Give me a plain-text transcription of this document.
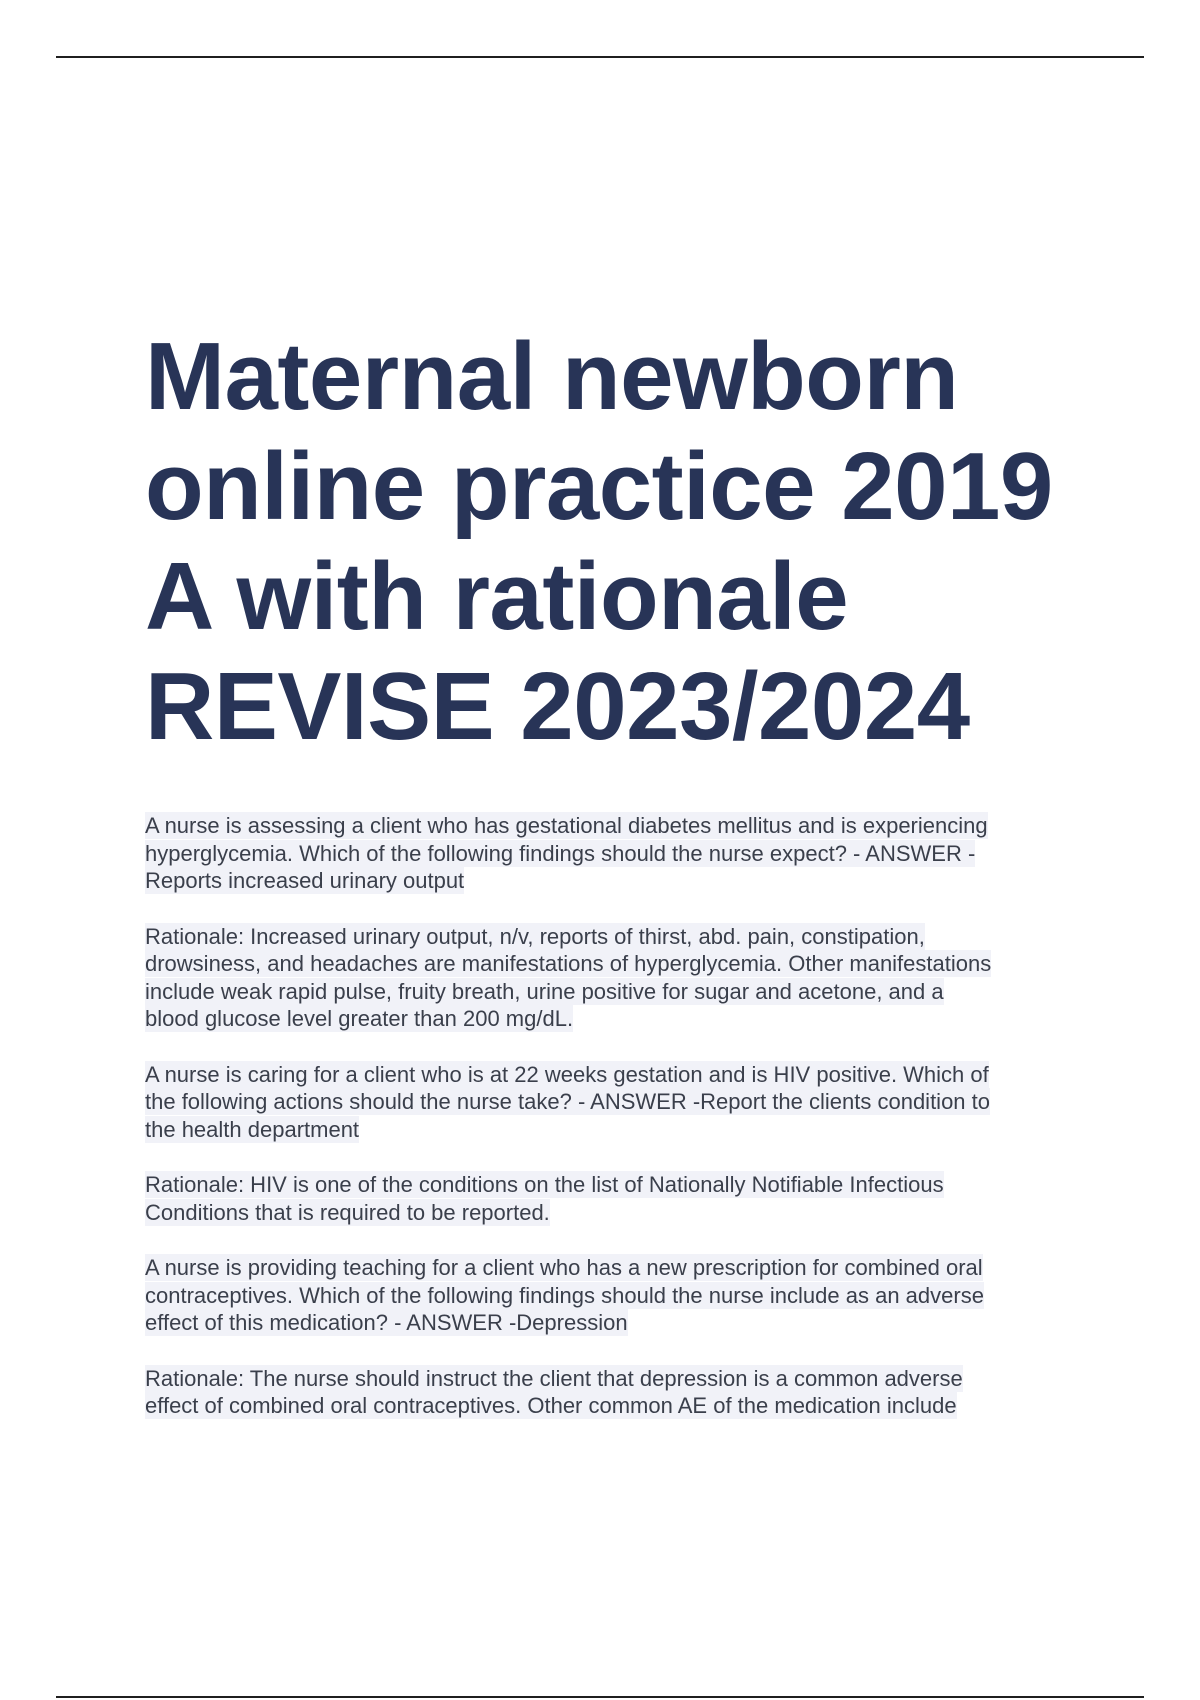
Maternal newborn
online practice 2019
A with rationale
REVISE 2023/2024

A nurse is assessing a client who has gestational diabetes mellitus and is experiencing
hyperglycemia. Which of the following findings should the nurse expect? - ANSWER -
Reports increased urinary output

Rationale: Increased urinary output, n/v, reports of thirst, abd. pain, constipation,
drowsiness, and headaches are manifestations of hyperglycemia. Other manifestations
include weak rapid pulse, fruity breath, urine positive for sugar and acetone, and a
blood glucose level greater than 200 mg/dL.

A nurse is caring for a client who is at 22 weeks gestation and is HIV positive. Which of
the following actions should the nurse take? - ANSWER -Report the clients condition to
the health department

Rationale: HIV is one of the conditions on the list of Nationally Notifiable Infectious
Conditions that is required to be reported.

A nurse is providing teaching for a client who has a new prescription for combined oral
contraceptives. Which of the following findings should the nurse include as an adverse
effect of this medication? - ANSWER -Depression

Rationale: The nurse should instruct the client that depression is a common adverse
effect of combined oral contraceptives. Other common AE of the medication include
